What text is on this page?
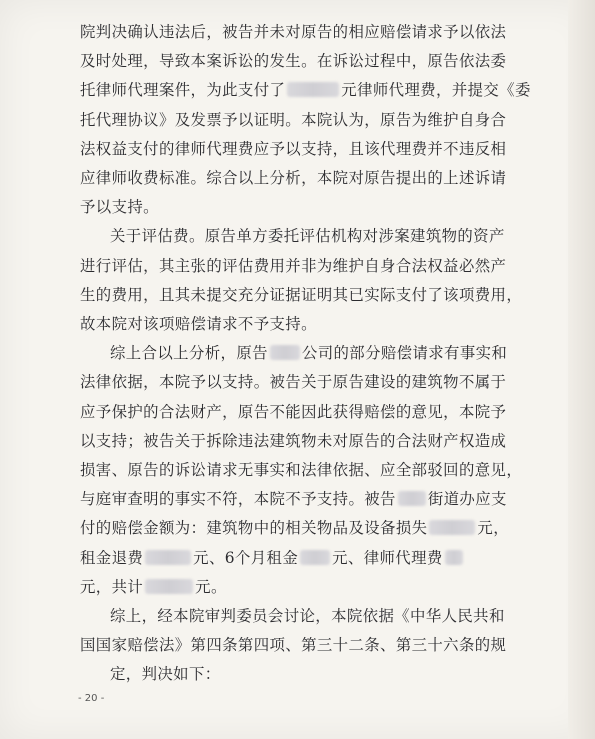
院判决确认违法后，被告并未对原告的相应赔偿请求予以依法
及时处理，导致本案诉讼的发生。在诉讼过程中，原告依法委
托律师代理案件，为此支付了	元律师代理费，并提交《委
托代理协议》及发票予以证明。本院认为，原告为维护自身合
法权益支付的律师代理费应予以支持，且该代理费并不违反相
应律师收费标准。综合以上分析，本院对原告提出的上述诉请
予以支持。
关于评估费。原告单方委托评估机构对涉案建筑物的资产
进行评估，其主张的评估费用并非为维护自身合法权益必然产
生的费用，且其未提交充分证据证明其已实际支付了该项费用，
故本院对该项赔偿请求不予支持。
综上合以上分析，原告 公司的部分赔偿请求有事实和
法律依据，本院予以支持。被告关于原告建设的建筑物不属于
应予保护的合法财产，原告不能因此获得赔偿的意见，本院予
以支持；被告关于拆除违法建筑物未对原告的合法财产权造成
损害、原告的诉讼请求无事实和法律依据、应全部驳回的意见，
与庭审查明的事实不符，本院不予支持。被告 街道办应支
付的赔偿金额为：建筑物中的相关物品及设备损失	元，
租金退费	元、6个月租金 元、律师代理费
元，共计	元。
综上，经本院审判委员会讨论，本院依据《中华人民共和
国国家赔偿法》第四条第四项、第三十二条、第三十六条的规
定，判决如下：
- 20 -
